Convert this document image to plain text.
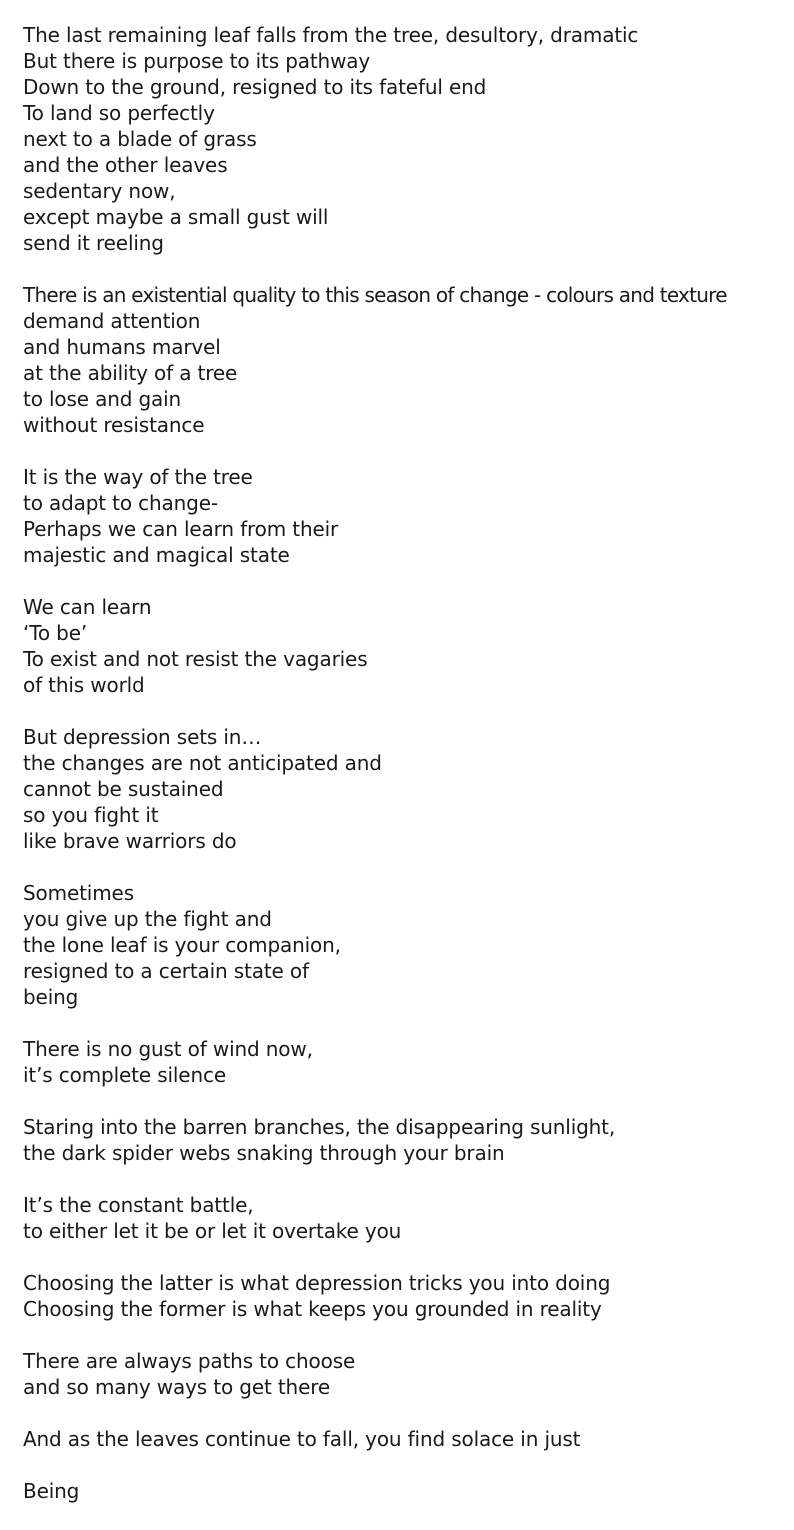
The last remaining leaf falls from the tree, desultory, dramatic
But there is purpose to its pathway
Down to the ground, resigned to its fateful end
To land so perfectly
next to a blade of grass
and the other leaves
sedentary now,
except maybe a small gust will
send it reeling
There is an existential quality to this season of change - colours and texture
demand attention
and humans marvel
at the ability of a tree
to lose and gain
without resistance
It is the way of the tree
to adapt to change-
Perhaps we can learn from their
majestic and magical state
We can learn
‘To be’
To exist and not resist the vagaries
of this world
But depression sets in…
the changes are not anticipated and
cannot be sustained
so you fight it
like brave warriors do
Sometimes
you give up the fight and
the lone leaf is your companion,
resigned to a certain state of
being
There is no gust of wind now,
it’s complete silence
Staring into the barren branches, the disappearing sunlight,
the dark spider webs snaking through your brain
It’s the constant battle,
to either let it be or let it overtake you
Choosing the latter is what depression tricks you into doing
Choosing the former is what keeps you grounded in reality
There are always paths to choose
and so many ways to get there
And as the leaves continue to fall, you find solace in just
Being
